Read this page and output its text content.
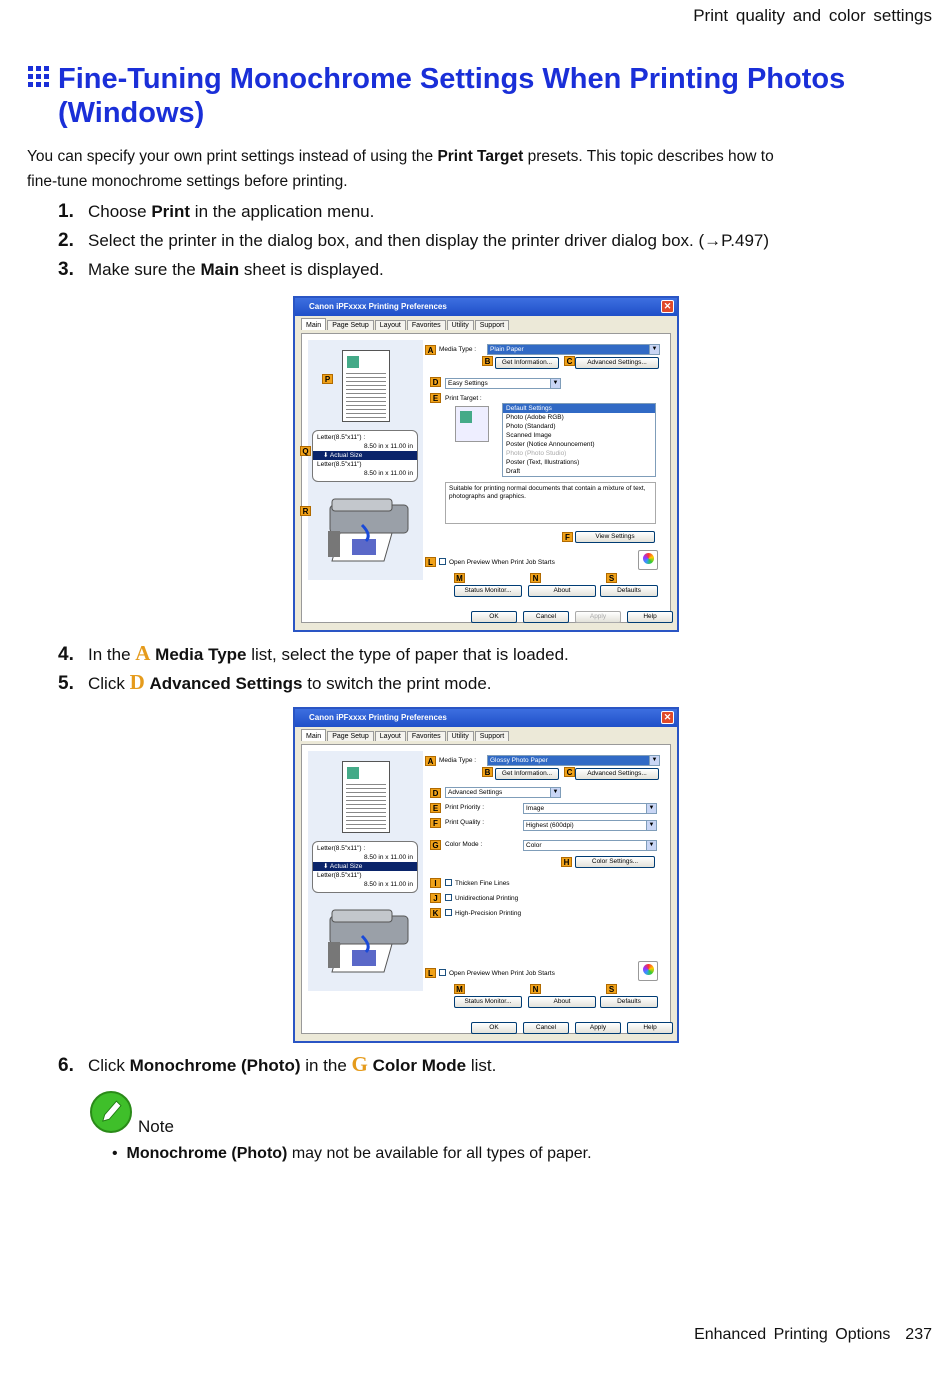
Print quality and color settings
Fine-Tuning Monochrome Settings When Printing Photos
(Windows)
You can specify your own print settings instead of using the Print Target presets. This topic describes how to
fine-tune monochrome settings before printing.
1. Choose Print in the application menu.
2. Select the printer in the dialog box, and then display the printer driver dialog box. (→P.497)
3. Make sure the Main sheet is displayed.
Canon iPFxxxx Printing Preferences	✕
Main	Page Setup	Layout	Favorites	Utility	Support
Letter(8.5"x11") :
8.50 in x 11.00 in
⬇ Actual Size
Letter(8.5"x11")
8.50 in x 11.00 in
A
B	C
D
E
P
Q
R
Media Type :	Plain Paper	▼
Get Information...	Advanced Settings...
Easy Settings	▼
Print Target :
Default Settings
Photo (Adobe RGB)
Photo (Standard)
Scanned Image
Poster (Notice Announcement)
Photo (Photo Studio)
Poster (Text, Illustrations)
Draft
Suitable for printing normal documents that contain a mixture of text, photographs and graphics.
F	View Settings
L	Open Preview When Print Job Starts
M	N	S
Status Monitor...	About	Defaults
OK	Cancel	Apply	Help
4. In the A Media Type list, select the type of paper that is loaded.
5. Click D Advanced Settings to switch the print mode.
Canon iPFxxxx Printing Preferences	✕
Main	Page Setup	Layout	Favorites	Utility	Support
Letter(8.5"x11") :
8.50 in x 11.00 in
⬇ Actual Size
Letter(8.5"x11")
8.50 in x 11.00 in
A
B	C
Media Type :	Glossy Photo Paper	▼
Get Information...	Advanced Settings...
D	Advanced Settings	▼
E	Print Priority :	Image	▼
F	Print Quality :	Highest (600dpi)	▼
G Color Mode :	Color	▼
H	Color Settings...
I	Thicken Fine Lines
J	Unidirectional Printing
K	High-Precision Printing
L	Open Preview When Print Job Starts
M	N	S
Status Monitor...	About	Defaults
OK	Cancel	Apply	Help
6. Click Monochrome (Photo) in the G Color Mode list.
Note
• Monochrome (Photo) may not be available for all types of paper.
Enhanced Printing Options 237
